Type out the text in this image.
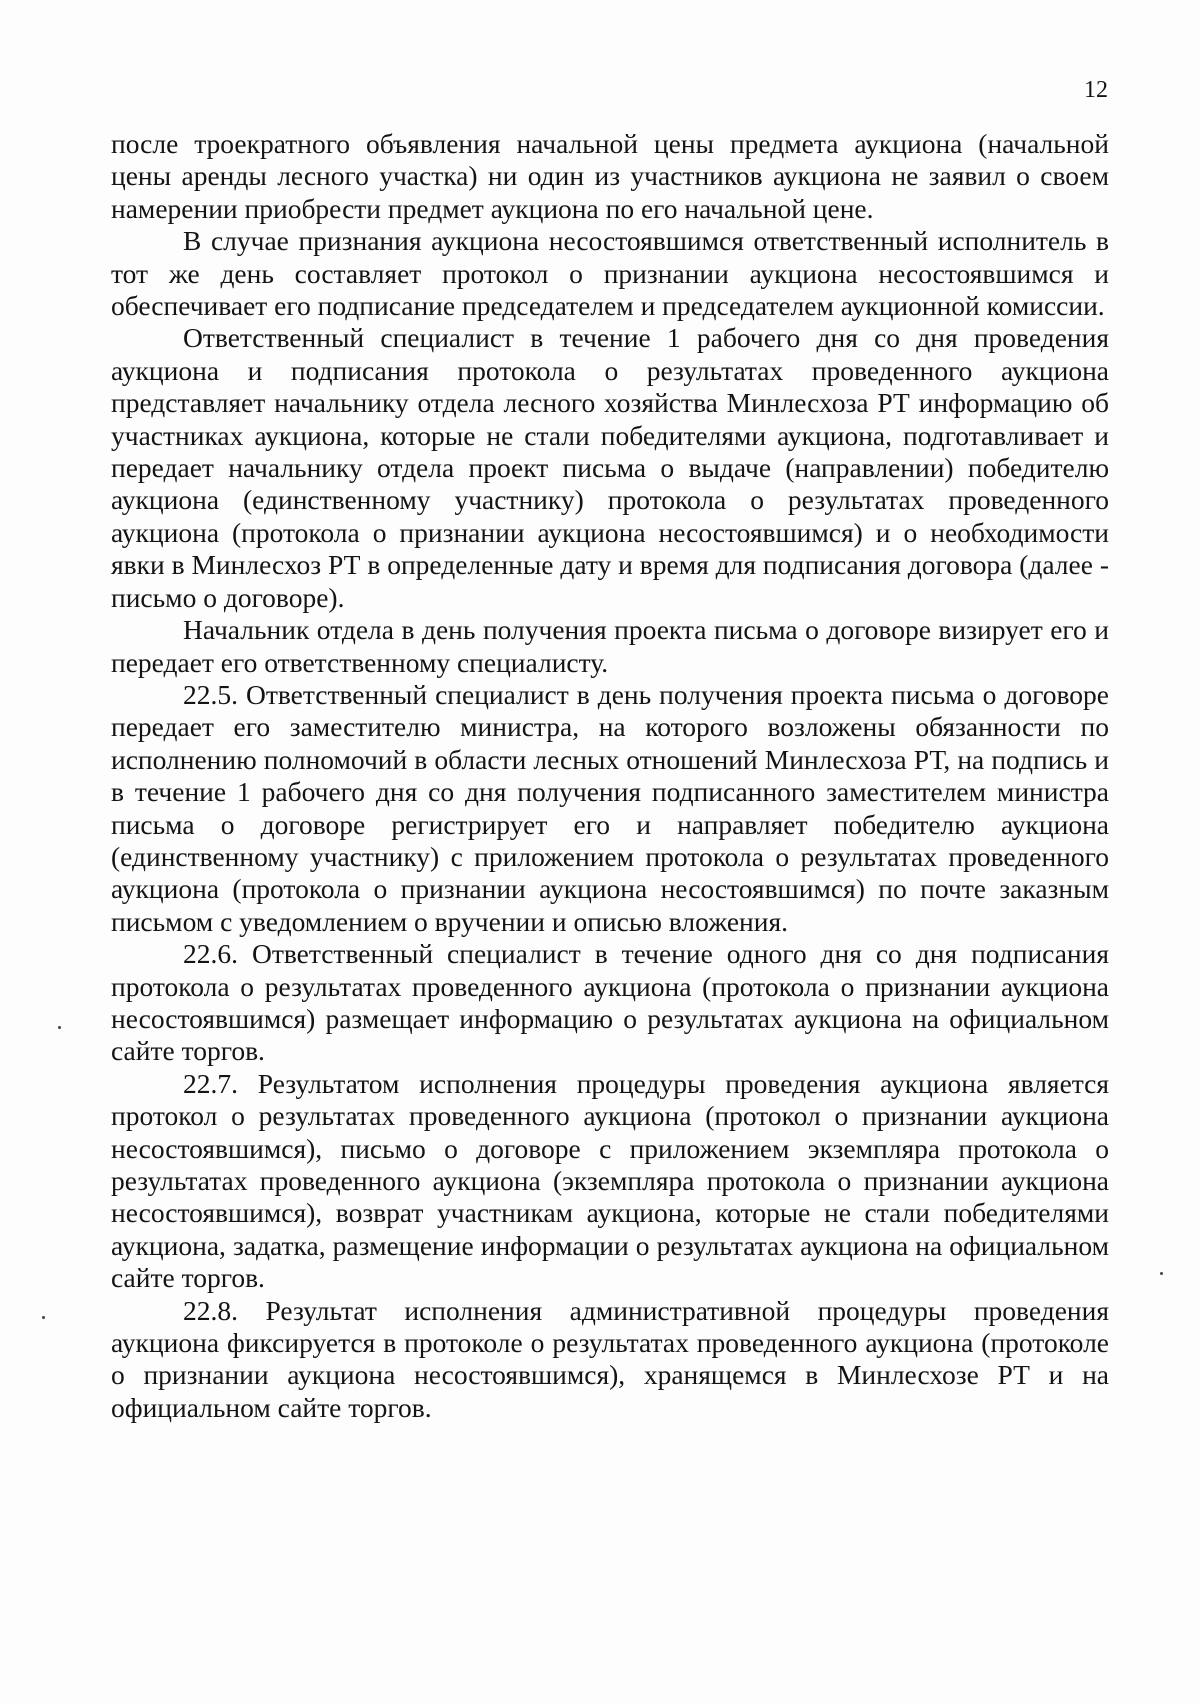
12

после троекратного объявления начальной цены предмета аукциона (начальной цены аренды лесного участка) ни один из участников аукциона не заявил о своем намерении приобрести предмет аукциона по его начальной цене.

В случае признания аукциона несостоявшимся ответственный исполнитель в тот же день составляет протокол о признании аукциона несостоявшимся и обеспечивает его подписание председателем и председателем аукционной комиссии.

Ответственный специалист в течение 1 рабочего дня со дня проведения аукциона и подписания протокола о результатах проведенного аукциона представляет начальнику отдела лесного хозяйства Минлесхоза РТ информацию об участниках аукциона, которые не стали победителями аукциона, подготавливает и передает начальнику отдела проект письма о выдаче (направлении) победителю аукциона (единственному участнику) протокола о результатах проведенного аукциона (протокола о признании аукциона несостоявшимся) и о необходимости явки в Минлесхоз РТ в определенные дату и время для подписания договора (далее - письмо о договоре).

Начальник отдела в день получения проекта письма о договоре визирует его и передает его ответственному специалисту.

22.5. Ответственный специалист в день получения проекта письма о договоре передает его заместителю министра, на которого возложены обязанности по исполнению полномочий в области лесных отношений Минлесхоза РТ, на подпись и в течение 1 рабочего дня со дня получения подписанного заместителем министра письма о договоре регистрирует его и направляет победителю аукциона (единственному участнику) с приложением протокола о результатах проведенного аукциона (протокола о признании аукциона несостоявшимся) по почте заказным письмом с уведомлением о вручении и описью вложения.

22.6. Ответственный специалист в течение одного дня со дня подписания протокола о результатах проведенного аукциона (протокола о признании аукциона несостоявшимся) размещает информацию о результатах аукциона на официальном сайте торгов.

22.7. Результатом исполнения процедуры проведения аукциона является протокол о результатах проведенного аукциона (протокол о признании аукциона несостоявшимся), письмо о договоре с приложением экземпляра протокола о результатах проведенного аукциона (экземпляра протокола о признании аукциона несостоявшимся), возврат участникам аукциона, которые не стали победителями аукциона, задатка, размещение информации о результатах аукциона на официальном сайте торгов.

22.8. Результат исполнения административной процедуры проведения аукциона фиксируется в протоколе о результатах проведенного аукциона (протоколе о признании аукциона несостоявшимся), хранящемся в Минлесхозе РТ и на официальном сайте торгов.
